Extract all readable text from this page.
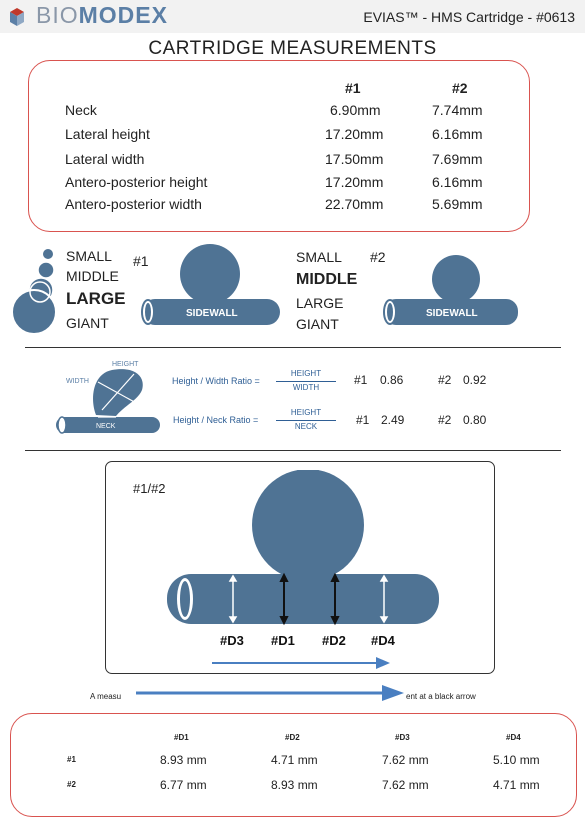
BIOMODEX	EVIAS™ - HMS Cartridge - #0613
CARTRIDGE MEASUREMENTS
#1	#2
Neck	6.90mm	7.74mm
Lateral height	17.20mm	6.16mm
Lateral width	17.50mm	7.69mm
Antero-posterior height	17.20mm	6.16mm
Antero-posterior width	22.70mm	5.69mm
SMALL
MIDDLE
LARGE
GIANT
#1
SIDEWALL
SMALL
MIDDLE
LARGE
GIANT
#2
SIDEWALL
HEIGHT
WIDTH
NECK
Height / Width Ratio =
HEIGHT
WIDTH
#1 0.86	#2 0.92
Height / Neck Ratio =
HEIGHT
NECK	#1 2.49	#2 0.80
#1/#2
#D3 #D1 #D2 #D4
A measu	ent at a black arrow
#D1	#D2	#D3	#D4
#1	8.93 mm	4.71 mm	7.62 mm	5.10 mm
#2	6.77 mm	8.93 mm	7.62 mm	4.71 mm
